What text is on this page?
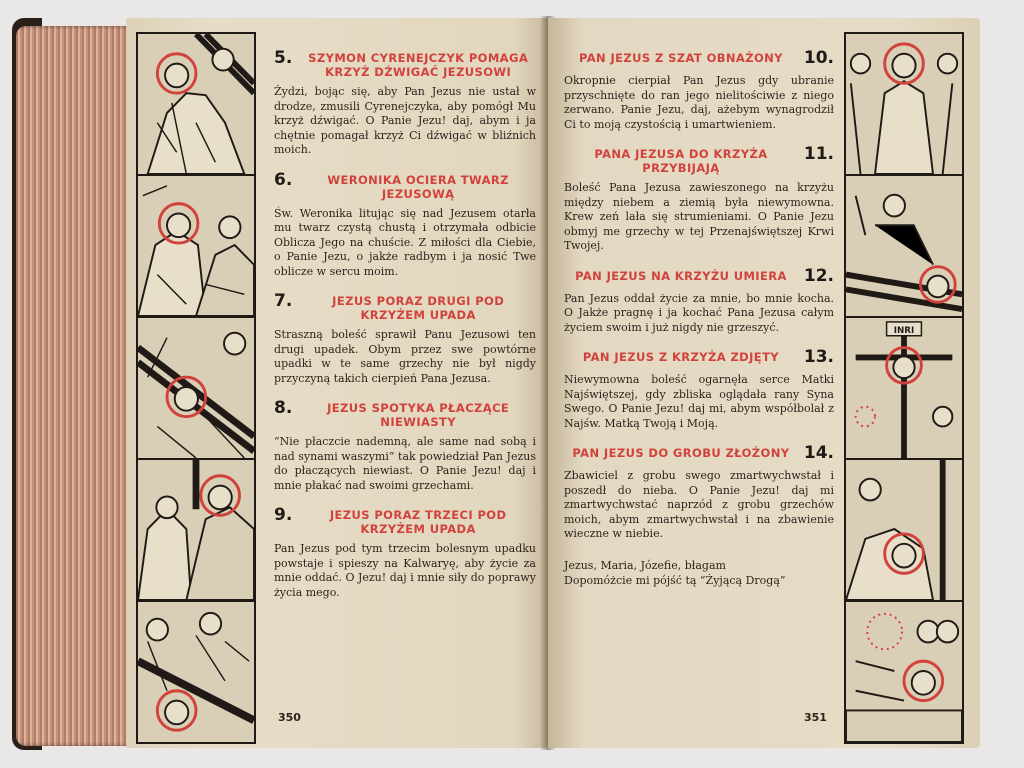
5.	SZYMON CYRENEJCZYK POMAGA KRZYŻ DŹWIGAĆ JEZUSOWI
Żydzi, bojąc się, aby Pan Jezus nie ustał w drodze, zmusili Cyrenejczyka, aby pomógł Mu krzyż dźwigać. O Panie Jezu! daj, abym i ja chętnie pomagał krzyż Ci dźwigać w bliźnich moich.
6.	WERONIKA OCIERA TWARZ JEZUSOWĄ
Św. Weronika litując się nad Jezusem otarła mu twarz czystą chustą i otrzymała odbicie Oblicza Jego na chuście. Z miłości dla Ciebie, o Panie Jezu, o jakże radbym i ja nosić Twe oblicze w sercu moim.
7.	JEZUS PORAZ DRUGI POD KRZYŻEM UPADA
Straszną boleść sprawił Panu Jezusowi ten drugi upadek. Obym przez swe powtórne upadki w te same grzechy nie był nigdy przyczyną takich cierpień Pana Jezusa.
8.	JEZUS SPOTYKA PŁACZĄCE NIEWIASTY
“Nie płaczcie nademną, ale same nad sobą i nad synami waszymi” tak powiedział Pan Jezus do płaczących niewiast. O Panie Jezu! daj i mnie płakać nad swoimi grzechami.
9.	JEZUS PORAZ TRZECI POD KRZYŻEM UPADA
Pan Jezus pod tym trzecim bolesnym upadku powstaje i spieszy na Kalwaryę, aby życie za mnie oddać. O Jezu! daj i mnie siły do poprawy życia mego.
350
PAN JEZUS Z SZAT OBNAŻONY	10.
Okropnie cierpiał Pan Jezus gdy ubranie przyschnięte do ran jego nielitościwie z niego zerwano. Panie Jezu, daj, ażebym wynagrodził Ci to moją czystością i umartwieniem.
PANA JEZUSA DO KRZYŻA PRZYBIJAJĄ
11.
Boleść Pana Jezusa zawieszonego na krzyżu między niebem a ziemią była niewymowna. Krew zeń lała się strumieniami. O Panie Jezu obmyj me grzechy w tej Przenajświętszej Krwi Twojej.
PAN JEZUS NA KRZYŻU UMIERA	12.
Pan Jezus oddał życie za mnie, bo mnie kocha. O Jakże pragnę i ja kochać Pana Jezusa całym życiem swoim i już nigdy nie grzeszyć.
PAN JEZUS Z KRZYŻA ZDJĘTY	13.
Niewymowna boleść ogarnęła serce Matki Najświętszej, gdy zbliska oglądała rany Syna Swego. O Panie Jezu! daj mi, abym współbolał z Najśw. Matką Twoją i Moją.
PAN JEZUS DO GROBU ZŁOŻONY 14.
Zbawiciel z grobu swego zmartwychwstał i poszedł do nieba. O Panie Jezu! daj mi zmartwychwstać naprzód z grobu grzechów moich, abym zmartwychwstał i na zbawienie wieczne w niebie.
Jezus, Maria, Józefie, błagam
Dopomóżcie mi pójść tą “Żyjącą Drogą”
INRI
351
